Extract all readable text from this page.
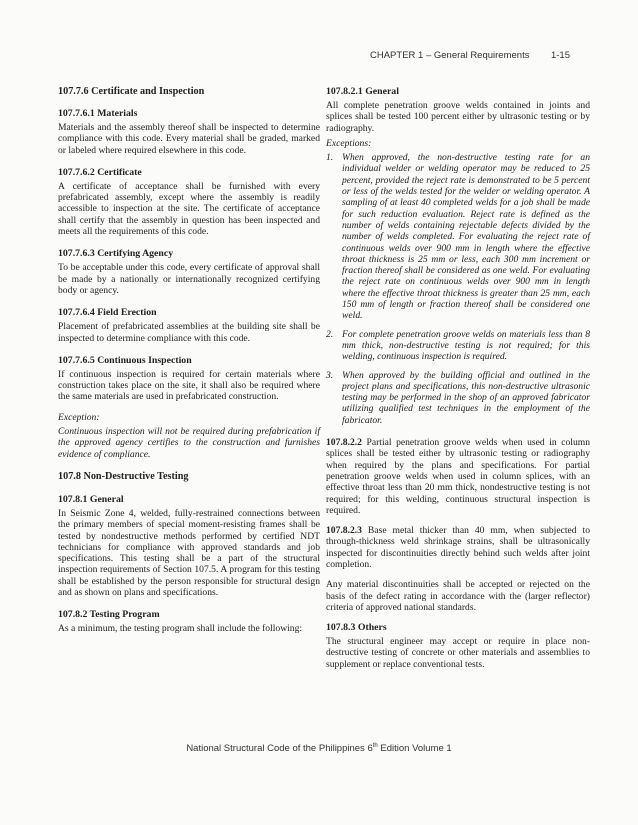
CHAPTER 1 – General Requirements 1-15
107.7.6 Certificate and Inspection
107.7.6.1 Materials

Materials and the assembly thereof shall be inspected to determine compliance with this code. Every material shall be graded, marked or labeled where required elsewhere in this code.

107.7.6.2 Certificate

A certificate of acceptance shall be furnished with every prefabricated assembly, except where the assembly is readily accessible to inspection at the site. The certificate of acceptance shall certify that the assembly in question has been inspected and meets all the requirements of this code.

107.7.6.3 Certifying Agency

To be acceptable under this code, every certificate of approval shall be made by a nationally or internationally recognized certifying body or agency.

107.7.6.4 Field Erection

Placement of prefabricated assemblies at the building site shall be inspected to determine compliance with this code.

107.7.6.5 Continuous Inspection

If continuous inspection is required for certain materials where construction takes place on the site, it shall also be required where the same materials are used in prefabricated construction.

Exception:

Continuous inspection will not be required during prefabrication if the approved agency certifies to the construction and furnishes evidence of compliance.

107.8 Non-Destructive Testing
107.8.1 General

In Seismic Zone 4, welded, fully-restrained connections between the primary members of special moment-resisting frames shall be tested by nondestructive methods performed by certified NDT technicians for compliance with approved standards and job specifications. This testing shall be a part of the structural inspection requirements of Section 107.5. A program for this testing shall be established by the person responsible for structural design and as shown on plans and specifications.

107.8.2 Testing Program

As a minimum, the testing program shall include the following:

107.8.2.1 General

All complete penetration groove welds contained in joints and splices shall be tested 100 percent either by ultrasonic testing or by radiography.

Exceptions:

1. When approved, the non-destructive testing rate for an individual welder or welding operator may be reduced to 25 percent, provided the reject rate is demonstrated to be 5 percent or less of the welds tested for the welder or welding operator. A sampling of at least 40 completed welds for a job shall be made for such reduction evaluation. Reject rate is defined as the number of welds containing rejectable defects divided by the number of welds completed. For evaluating the reject rate of continuous welds over 900 mm in length where the effective throat thickness is 25 mm or less, each 300 mm increment or fraction thereof shall be considered as one weld. For evaluating the reject rate on continuous welds over 900 mm in length where the effective throat thickness is greater than 25 mm, each 150 mm of length or fraction thereof shall be considered one weld.
2. For complete penetration groove welds on materials less than 8 mm thick, non-destructive testing is not required; for this welding, continuous inspection is required.
3. When approved by the building official and outlined in the project plans and specifications, this non-destructive ultrasonic testing may be performed in the shop of an approved fabricator utilizing qualified test techniques in the employment of the fabricator.

107.8.2.2 Partial penetration groove welds when used in column splices shall be tested either by ultrasonic testing or radiography when required by the plans and specifications. For partial penetration groove welds when used in column splices, with an effective throat less than 20 mm thick, nondestructive testing is not required; for this welding, continuous structural inspection is required.

107.8.2.3 Base metal thicker than 40 mm, when subjected to through-thickness weld shrinkage strains, shall be ultrasonically inspected for discontinuities directly behind such welds after joint completion.

Any material discontinuities shall be accepted or rejected on the basis of the defect rating in accordance with the (larger reflector) criteria of approved national standards.

107.8.3 Others

The structural engineer may accept or require in place non-destructive testing of concrete or other materials and assemblies to supplement or replace conventional tests.

National Structural Code of the Philippines 6th Edition Volume 1
